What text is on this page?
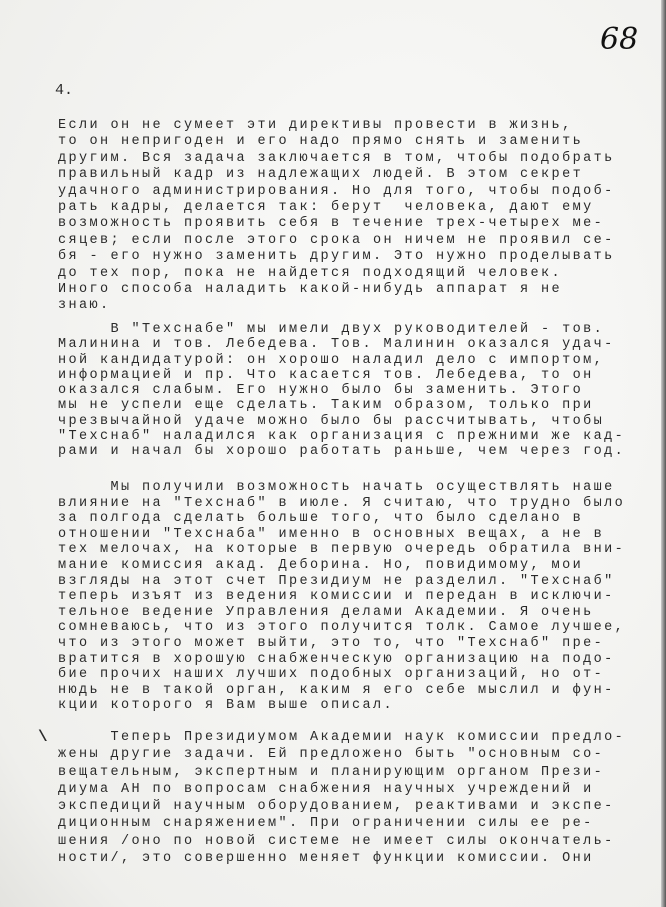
68
4.
\
Если он не сумеет эти директивы провести в жизнь,
то он непригоден и его надо прямо снять и заменить
другим. Вся задача заключается в том, чтобы подобрать
правильный кадр из надлежащих людей. В этом секрет
удачного администрирования. Но для того, чтобы подоб-
рать кадры, делается так: берут  человека, дают ему
возможность проявить себя в течение трех-четырех ме-
сяцев; если после этого срока он ничем не проявил се-
бя - его нужно заменить другим. Это нужно проделывать
до тех пор, пока не найдется подходящий человек.
Иного способа наладить какой-нибудь аппарат я не
знаю.
В "Техснабе" мы имели двух руководителей - тов.
Малинина и тов. Лебедева. Тов. Малинин оказался удач-
ной кандидатурой: он хорошо наладил дело с импортом,
информацией и пр. Что касается тов. Лебедева, то он
оказался слабым. Его нужно было бы заменить. Этого
мы не успели еще сделать. Таким образом, только при
чрезвычайной удаче можно было бы рассчитывать, чтобы
"Техснаб" наладился как организация с прежними же кад-
рами и начал бы хорошо работать раньше, чем через год.
Мы получили возможность начать осуществлять наше
влияние на "Техснаб" в июле. Я считаю, что трудно было
за полгода сделать больше того, что было сделано в
отношении "Техснаба" именно в основных вещах, а не в
тех мелочах, на которые в первую очередь обратила вни-
мание комиссия акад. Деборина. Но, повидимому, мои
взгляды на этот счет Президиум не разделил. "Техснаб"
теперь изъят из ведения комиссии и передан в исключи-
тельное ведение Управления делами Академии. Я очень
сомневаюсь, что из этого получится толк. Самое лучшее,
что из этого может выйти, это то, что "Техснаб" пре-
вратится в хорошую снабженческую организацию на подо-
бие прочих наших лучших подобных организаций, но от-
нюдь не в такой орган, каким я его себе мыслил и фун-
кции которого я Вам выше описал.
Теперь Президиумом Академии наук комиссии предло-
жены другие задачи. Ей предложено быть "основным со-
вещательным, экспертным и планирующим органом Прези-
диума АН по вопросам снабжения научных учреждений и
экспедиций научным оборудованием, реактивами и экспе-
диционным снаряжением". При ограничении силы ее ре-
шения /оно по новой системе не имеет силы окончатель-
ности/, это совершенно меняет функции комиссии. Они
